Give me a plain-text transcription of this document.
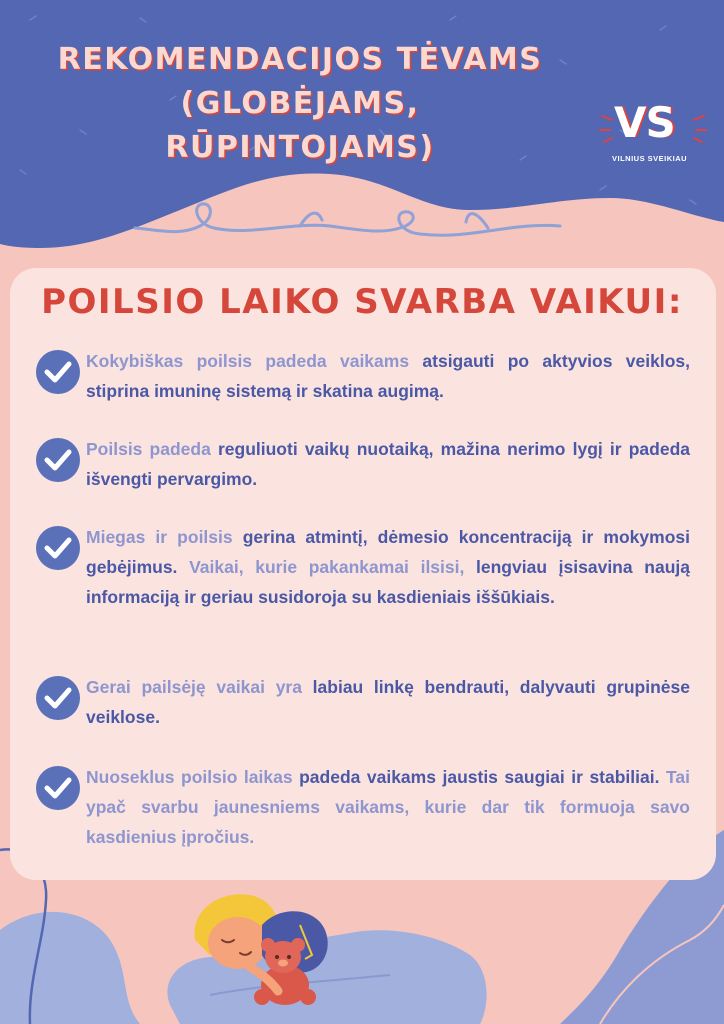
REKOMENDACIJOS TĖVAMS
(GLOBĖJAMS, RŪPINTOJAMS)
VS
VILNIUS SVEIKIAU
POILSIO LAIKO SVARBA VAIKUI:
Kokybiškas poilsis padeda vaikams atsigauti po aktyvios veiklos, stiprina imuninę sistemą ir skatina augimą.
Poilsis padeda reguliuoti vaikų nuotaiką, mažina nerimo lygį ir padeda išvengti pervargimo.
Miegas ir poilsis gerina atmintį, dėmesio koncentraciją ir mokymosi gebėjimus. Vaikai, kurie pakankamai ilsisi, lengviau įsisavina naują informaciją ir geriau susidoroja su kasdieniais iššūkiais.
Gerai pailsėję vaikai yra labiau linkę bendrauti, dalyvauti grupinėse veiklose.
Nuoseklus poilsio laikas padeda vaikams jaustis saugiai ir stabiliai. Tai ypač svarbu jaunesniems vaikams, kurie dar tik formuoja savo kasdienius įpročius.
